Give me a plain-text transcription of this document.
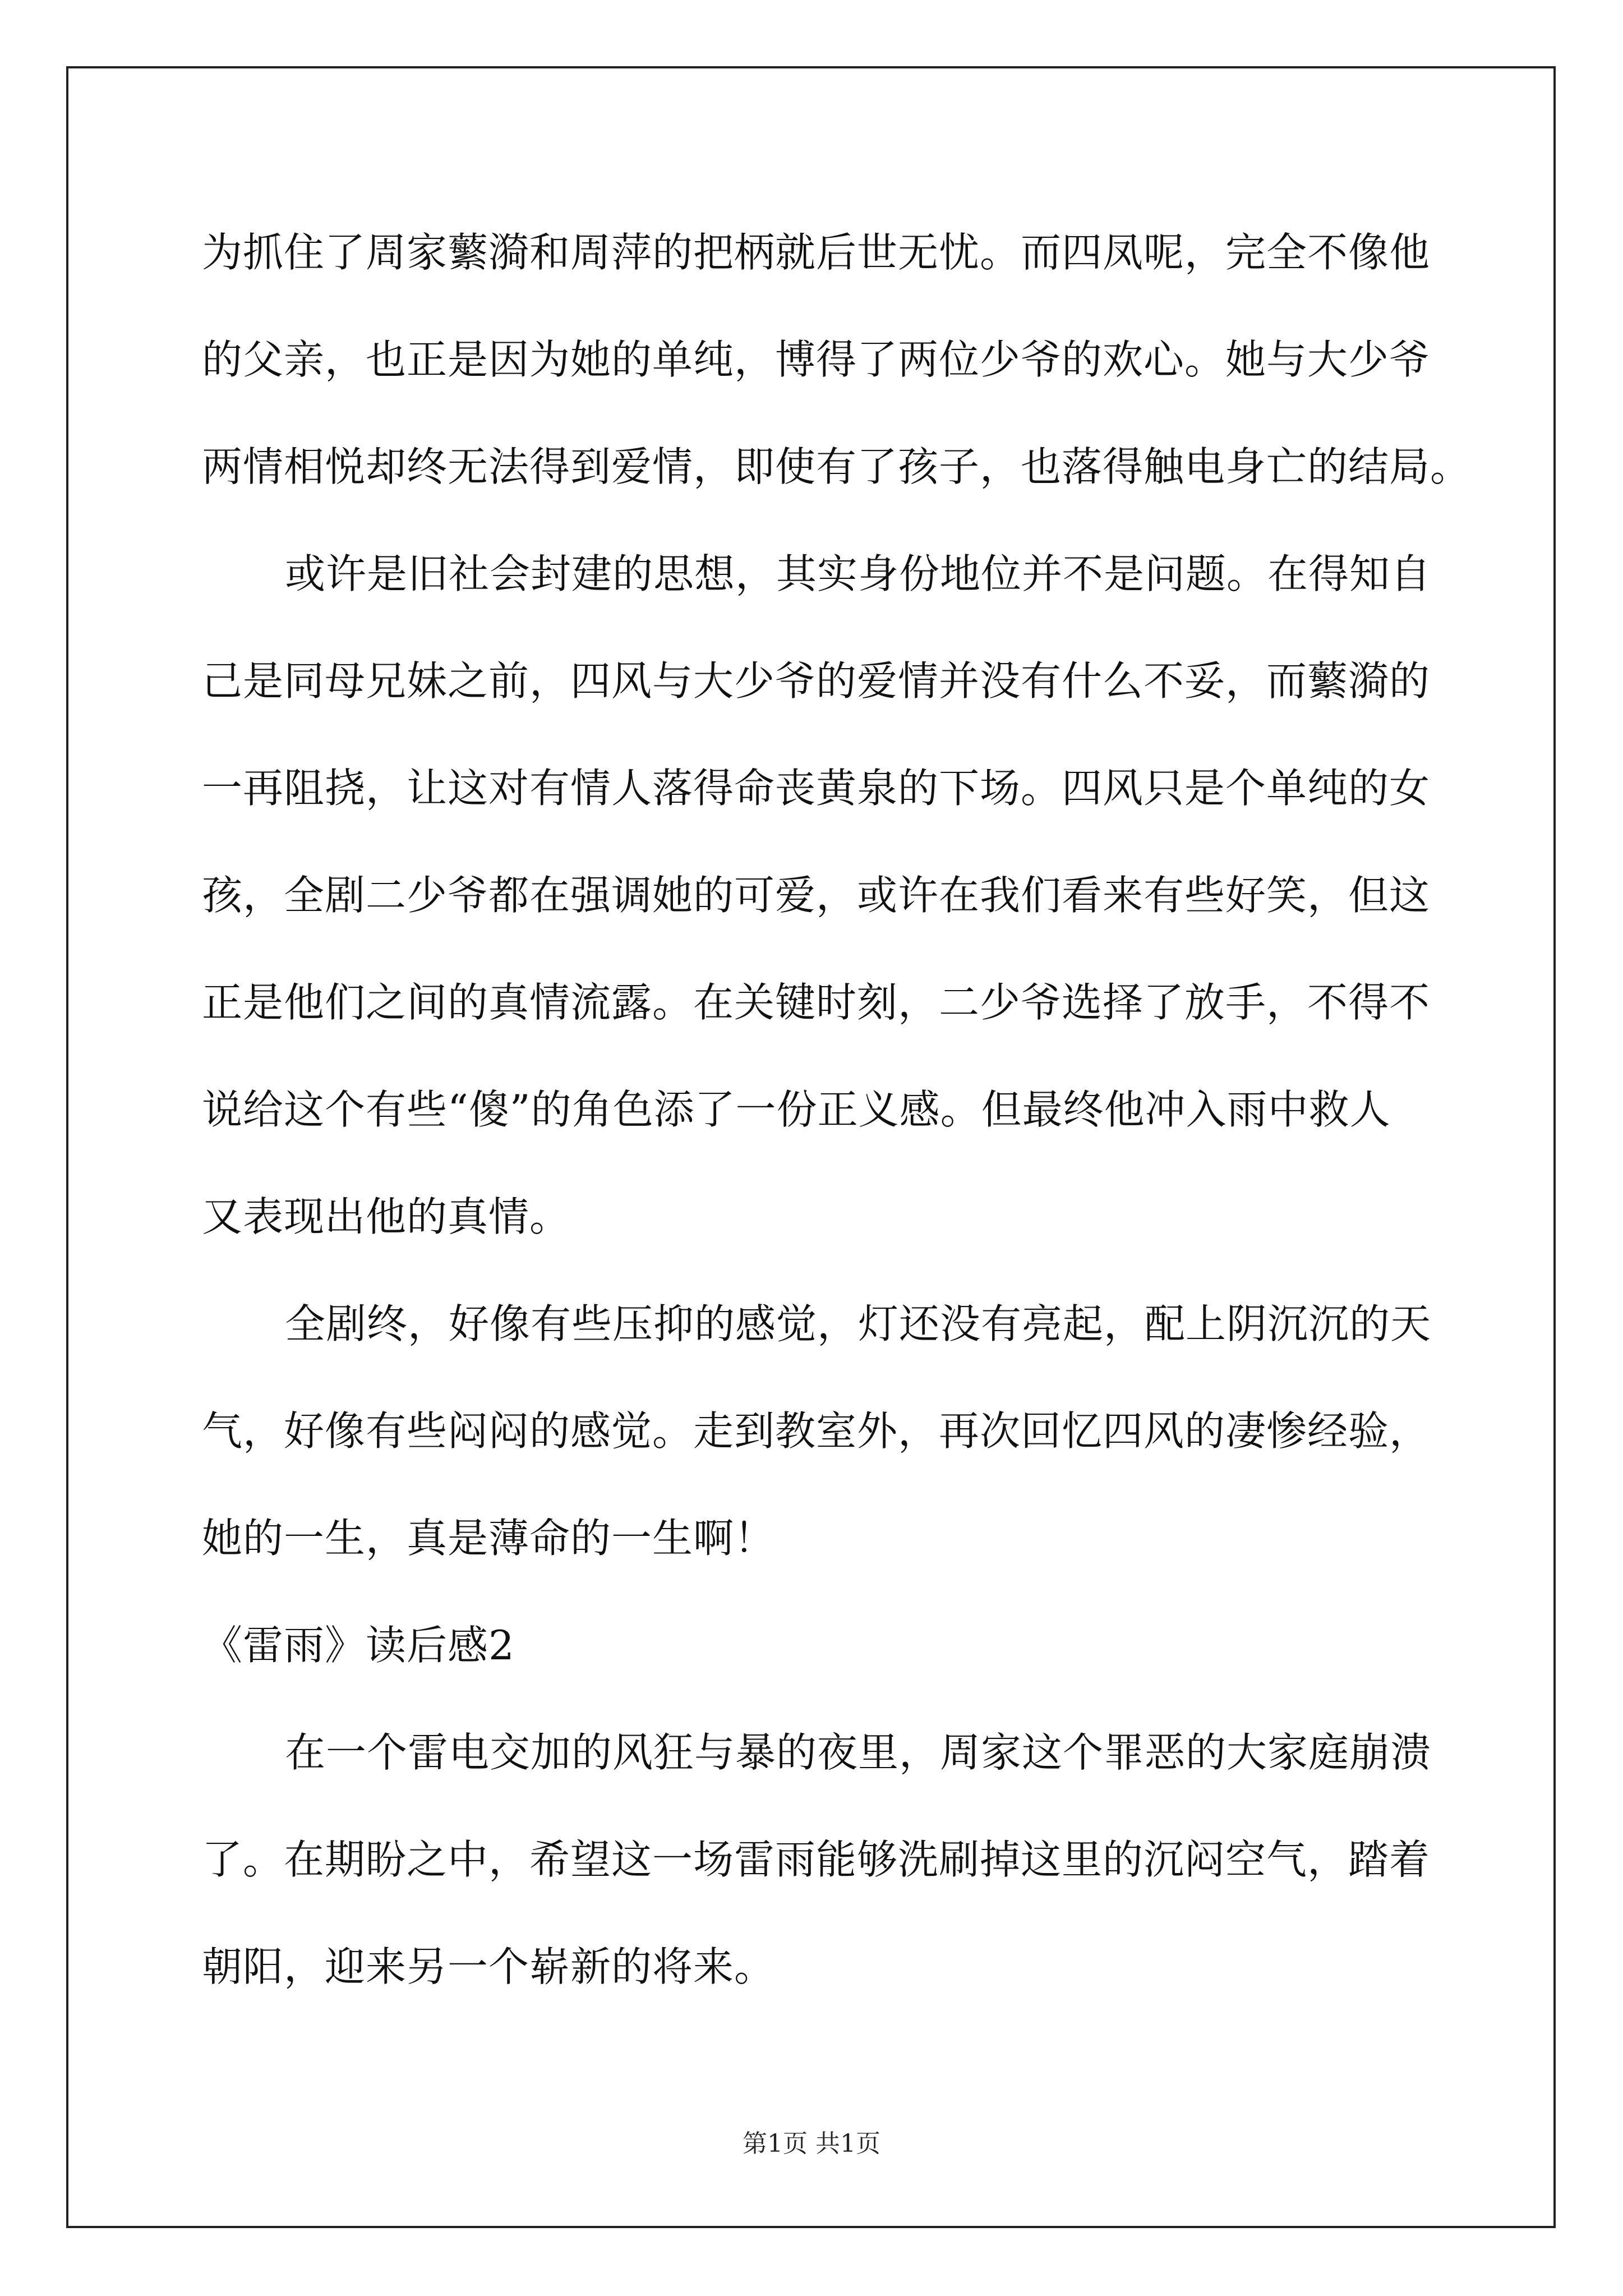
为抓住了周家蘩漪和周萍的把柄就后世无忧。而四凤呢，完全不像他
的父亲，也正是因为她的单纯，博得了两位少爷的欢心。她与大少爷
两情相悦却终无法得到爱情，即使有了孩子，也落得触电身亡的结局。
或许是旧社会封建的思想，其实身份地位并不是问题。在得知自
己是同母兄妹之前，四风与大少爷的爱情并没有什么不妥，而蘩漪的
一再阻挠，让这对有情人落得命丧黄泉的下场。四风只是个单纯的女
孩，全剧二少爷都在强调她的可爱，或许在我们看来有些好笑，但这
正是他们之间的真情流露。在关键时刻，二少爷选择了放手，不得不
说给这个有些“傻”的角色添了一份正义感。但最终他冲入雨中救人
又表现出他的真情。
全剧终，好像有些压抑的感觉，灯还没有亮起，配上阴沉沉的天
气，好像有些闷闷的感觉。走到教室外，再次回忆四风的凄惨经验，
她的一生，真是薄命的一生啊！
《雷雨》读后感2
在一个雷电交加的风狂与暴的夜里，周家这个罪恶的大家庭崩溃
了。在期盼之中，希望这一场雷雨能够洗刷掉这里的沉闷空气，踏着
朝阳，迎来另一个崭新的将来。
第1页 共1页
